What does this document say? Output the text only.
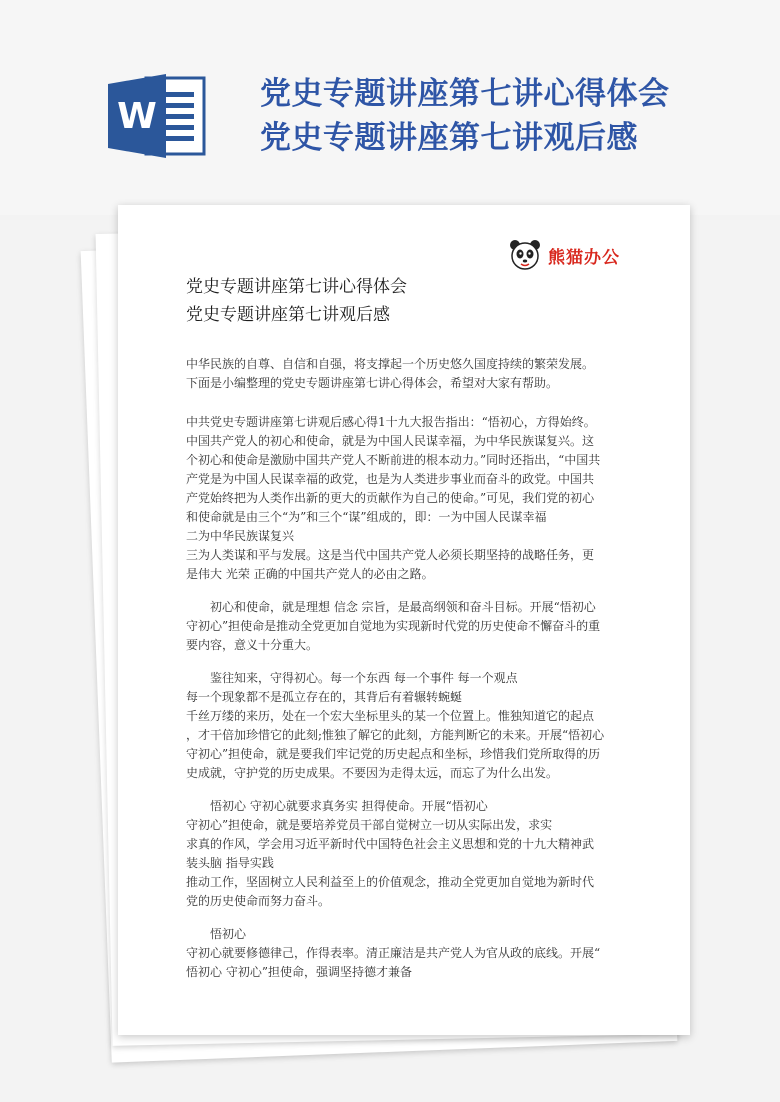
W
党史专题讲座第七讲心得体会
党史专题讲座第七讲观后感
熊猫办公
党史专题讲座第七讲心得体会
党史专题讲座第七讲观后感
中华民族的自尊、自信和自强，将支撑起一个历史悠久国度持续的繁荣发展。
下面是小编整理的党史专题讲座第七讲心得体会，希望对大家有帮助。
中共党史专题讲座第七讲观后感心得1十九大报告指出：“悟初心，方得始终。
中国共产党人的初心和使命，就是为中国人民谋幸福，为中华民族谋复兴。这
个初心和使命是激励中国共产党人不断前进的根本动力。”同时还指出，“中国共
产党是为中国人民谋幸福的政党，也是为人类进步事业而奋斗的政党。中国共
产党始终把为人类作出新的更大的贡献作为自己的使命。”可见，我们党的初心
和使命就是由三个“为”和三个“谋”组成的，即：一为中国人民谋幸福
二为中华民族谋复兴
三为人类谋和平与发展。这是当代中国共产党人必须长期坚持的战略任务，更
是伟大 光荣 正确的中国共产党人的必由之路。
初心和使命，就是理想 信念 宗旨，是最高纲领和奋斗目标。开展“悟初心
守初心”担使命是推动全党更加自觉地为实现新时代党的历史使命不懈奋斗的重
要内容，意义十分重大。
鉴往知来，守得初心。每一个东西 每一个事件 每一个观点
每一个现象都不是孤立存在的，其背后有着辗转蜿蜒
千丝万缕的来历，处在一个宏大坐标里头的某一个位置上。惟独知道它的起点
，才干倍加珍惜它的此刻;惟独了解它的此刻，方能判断它的未来。开展“悟初心
守初心”担使命，就是要我们牢记党的历史起点和坐标，珍惜我们党所取得的历
史成就，守护党的历史成果。不要因为走得太远，而忘了为什么出发。
悟初心 守初心就要求真务实 担得使命。开展“悟初心
守初心”担使命，就是要培养党员干部自觉树立一切从实际出发，求实
求真的作风，学会用习近平新时代中国特色社会主义思想和党的十九大精神武
装头脑 指导实践
推动工作，坚固树立人民利益至上的价值观念，推动全党更加自觉地为新时代
党的历史使命而努力奋斗。
悟初心
守初心就要修德律己，作得表率。清正廉洁是共产党人为官从政的底线。开展“
悟初心 守初心”担使命，强调坚持德才兼备
